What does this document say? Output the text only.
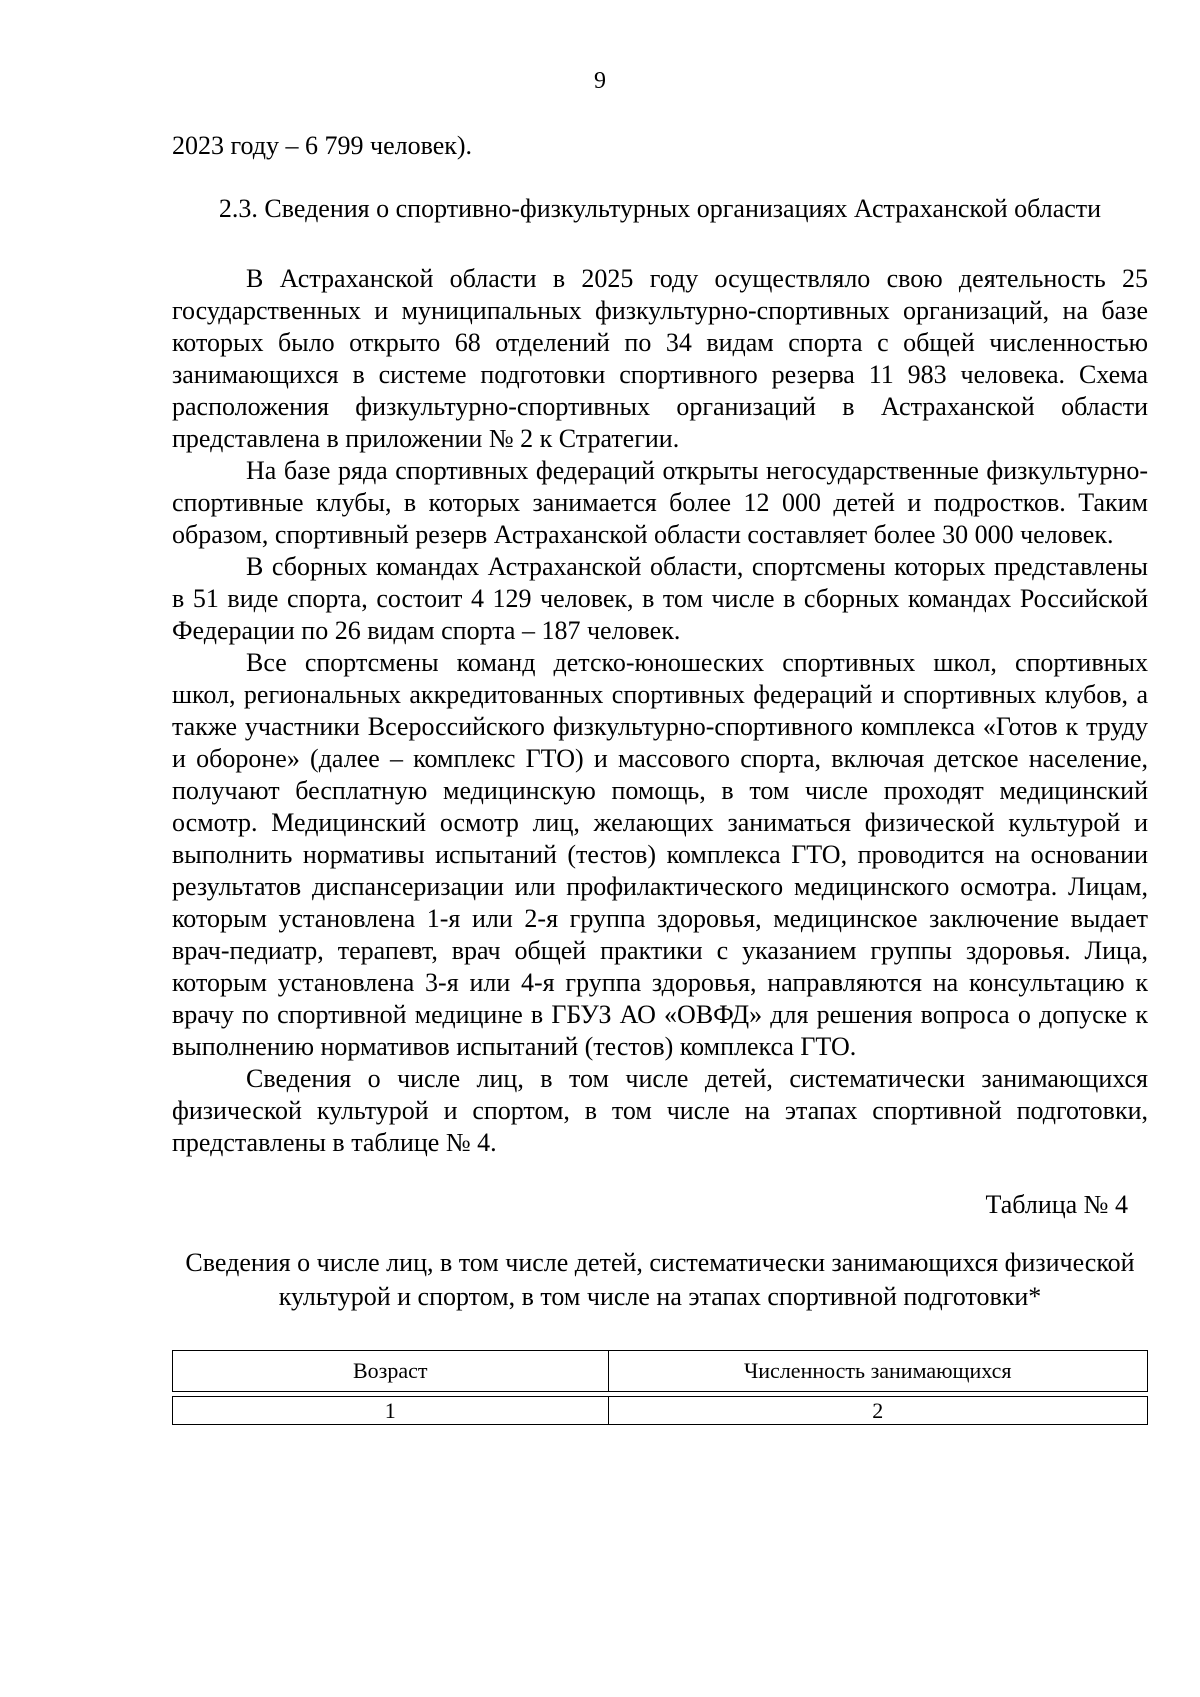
9

2023 году – 6 799 человек).

2.3. Сведения о спортивно-физкультурных организациях Астраханской области

В Астраханской области в 2025 году осуществляло свою деятельность 25 государственных и муниципальных физкультурно-спортивных организаций, на базе которых было открыто 68 отделений по 34 видам спорта с общей численностью занимающихся в системе подготовки спортивного резерва 11 983 человека. Схема расположения физкультурно-спортивных организаций в Астраханской области представлена в приложении № 2 к Стратегии.

На базе ряда спортивных федераций открыты негосударственные физкультурно-спортивные клубы, в которых занимается более 12 000 детей и подростков. Таким образом, спортивный резерв Астраханской области составляет более 30 000 человек.

В сборных командах Астраханской области, спортсмены которых представлены в 51 виде спорта, состоит 4 129 человек, в том числе в сборных командах Российской Федерации по 26 видам спорта – 187 человек.

Все спортсмены команд детско-юношеских спортивных школ, спортивных школ, региональных аккредитованных спортивных федераций и спортивных клубов, а также участники Всероссийского физкультурно-спортивного комплекса «Готов к труду и обороне» (далее – комплекс ГТО) и массового спорта, включая детское население, получают бесплатную медицинскую помощь, в том числе проходят медицинский осмотр. Медицинский осмотр лиц, желающих заниматься физической культурой и выполнить нормативы испытаний (тестов) комплекса ГТО, проводится на основании результатов диспансеризации или профилактического медицинского осмотра. Лицам, которым установлена 1-я или 2-я группа здоровья, медицинское заключение выдает врач-педиатр, терапевт, врач общей практики с указанием группы здоровья. Лица, которым установлена 3-я или 4-я группа здоровья, направляются на консультацию к врачу по спортивной медицине в ГБУЗ АО «ОВФД» для решения вопроса о допуске к выполнению нормативов испытаний (тестов) комплекса ГТО.

Сведения о числе лиц, в том числе детей, систематически занимающихся физической культурой и спортом, в том числе на этапах спортивной подготовки, представлены в таблице № 4.

Таблица № 4

Сведения о числе лиц, в том числе детей, систематически занимающихся физической культурой и спортом, в том числе на этапах спортивной подготовки*

Возраст	Численность занимающихся

1	2
